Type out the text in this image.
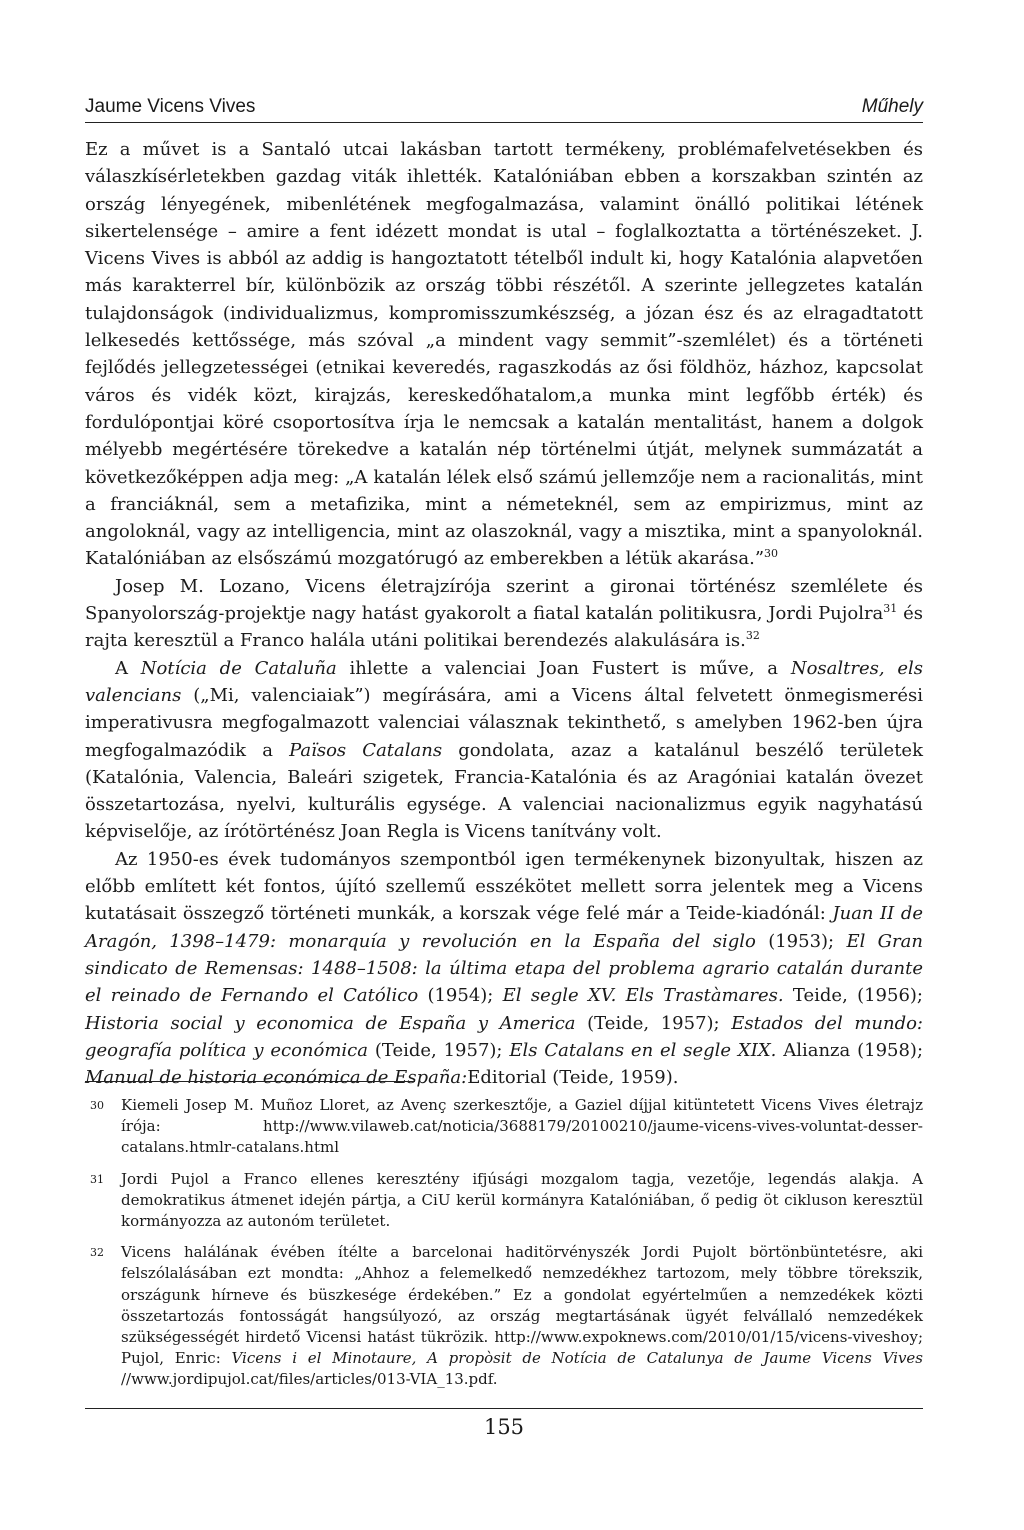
Jaume Vicens Vives	Műhely

Ez a művet is a Santaló utcai lakásban tartott termékeny, problémafelvetésekben és válaszkísérletekben gazdag viták ihlették. Katalóniában ebben a korszakban szintén az ország lényegének, mibenlétének megfogalmazása, valamint önálló politikai létének sikertelensége – amire a fent idézett mondat is utal – foglalkoztatta a történészeket. J. Vicens Vives is abból az addig is hangoztatott tételből indult ki, hogy Katalónia alapvetően más karakterrel bír, különbözik az ország többi részétől. A szerinte jellegzetes katalán tulajdonságok (individualizmus, kompromisszumkészség, a józan ész és az elragadtatott lelkesedés kettőssége, más szóval „a mindent vagy semmit”-szemlélet) és a történeti fejlődés jellegzetességei (etnikai keveredés, ragaszkodás az ősi földhöz, házhoz, kapcsolat város és vidék közt, kirajzás, kereskedőhatalom,a munka mint legfőbb érték) és fordulópontjai köré csoportosítva írja le nemcsak a katalán mentalitást, hanem a dolgok mélyebb megértésére törekedve a katalán nép történelmi útját, melynek summázatát a következőképpen adja meg: „A katalán lélek első számú jellemzője nem a racionalitás, mint a franciáknál, sem a metafizika, mint a németeknél, sem az empirizmus, mint az angoloknál, vagy az intelligencia, mint az olaszoknál, vagy a misztika, mint a spanyoloknál. Katalóniában az elsőszámú mozgatórugó az emberekben a létük akarása.”$^{30}$

Josep M. Lozano, Vicens életrajzírója szerint a gironai történész szemlélete és Spanyolország-projektje nagy hatást gyakorolt a fiatal katalán politikusra, Jordi Pujolra$^{31}$ és rajta keresztül a Franco halála utáni politikai berendezés alakulására is.$^{32}$

A Notícia de Cataluña ihlette a valenciai Joan Fustert is műve, a Nosaltres, els valencians („Mi, valenciaiak”) megírására, ami a Vicens által felvetett önmegismerési imperativusra megfogalmazott valenciai válasznak tekinthető, s amelyben 1962-ben újra megfogalmazódik a Països Catalans gondolata, azaz a katalánul beszélő területek (Katalónia, Valencia, Baleári szigetek, Francia-Katalónia és az Aragóniai katalán övezet összetartozása, nyelvi, kulturális egysége. A valenciai nacionalizmus egyik nagyhatású képviselője, az írótörténész Joan Regla is Vicens tanítvány volt.

Az 1950-es évek tudományos szempontból igen termékenynek bizonyultak, hiszen az előbb említett két fontos, újító szellemű esszékötet mellett sorra jelentek meg a Vicens kutatásait összegző történeti munkák, a korszak vége felé már a Teide-kiadónál: Juan II de Aragón, 1398–1479: monarquía y revolución en la España del siglo (1953); El Gran sindicato de Remensas: 1488–1508: la última etapa del problema agrario catalán durante el reinado de Fernando el Católico (1954); El segle XV. Els Trastàmares. Teide, (1956); Historia social y economica de España y America (Teide, 1957); Estados del mundo: geografía política y económica (Teide, 1957); Els Catalans en el segle XIX. Alianza (1958); Manual de historia económica de España:Editorial (Teide, 1959).

30 Kiemeli Josep M. Muñoz Lloret, az Avenç szerkesztője, a Gaziel díjjal kitüntetett Vicens Vives életrajz írója: http://www.vilaweb.cat/noticia/3688179/20100210/jaume-vicens-vives-voluntat-desser-catalans.htmlr-catalans.html
31 Jordi Pujol a Franco ellenes keresztény ifjúsági mozgalom tagja, vezetője, legendás alakja. A demokratikus átmenet idején pártja, a CiU kerül kormányra Katalóniában, ő pedig öt cikluson keresztül kormányozza az autonóm területet.
32 Vicens halálának évében ítélte a barcelonai haditörvényszék Jordi Pujolt börtönbüntetésre, aki felszólalásában ezt mondta: „Ahhoz a felemelkedő nemzedékhez tartozom, mely többre törekszik, országunk hírneve és büszkesége érdekében.” Ez a gondolat egyértelműen a nemzedékek közti összetartozás fontosságát hangsúlyozó, az ország megtartásának ügyét felvállaló nemzedékek szükségességét hirdető Vicensi hatást tükrözik. http://www.expoknews.com/2010/01/15/vicens-viveshoy; Pujol, Enric: Vicens i el Minotaure, A propòsit de Notícia de Catalunya de Jaume Vicens Vives //www.jordipujol.cat/files/articles/013-VIA_13.pdf.
155
